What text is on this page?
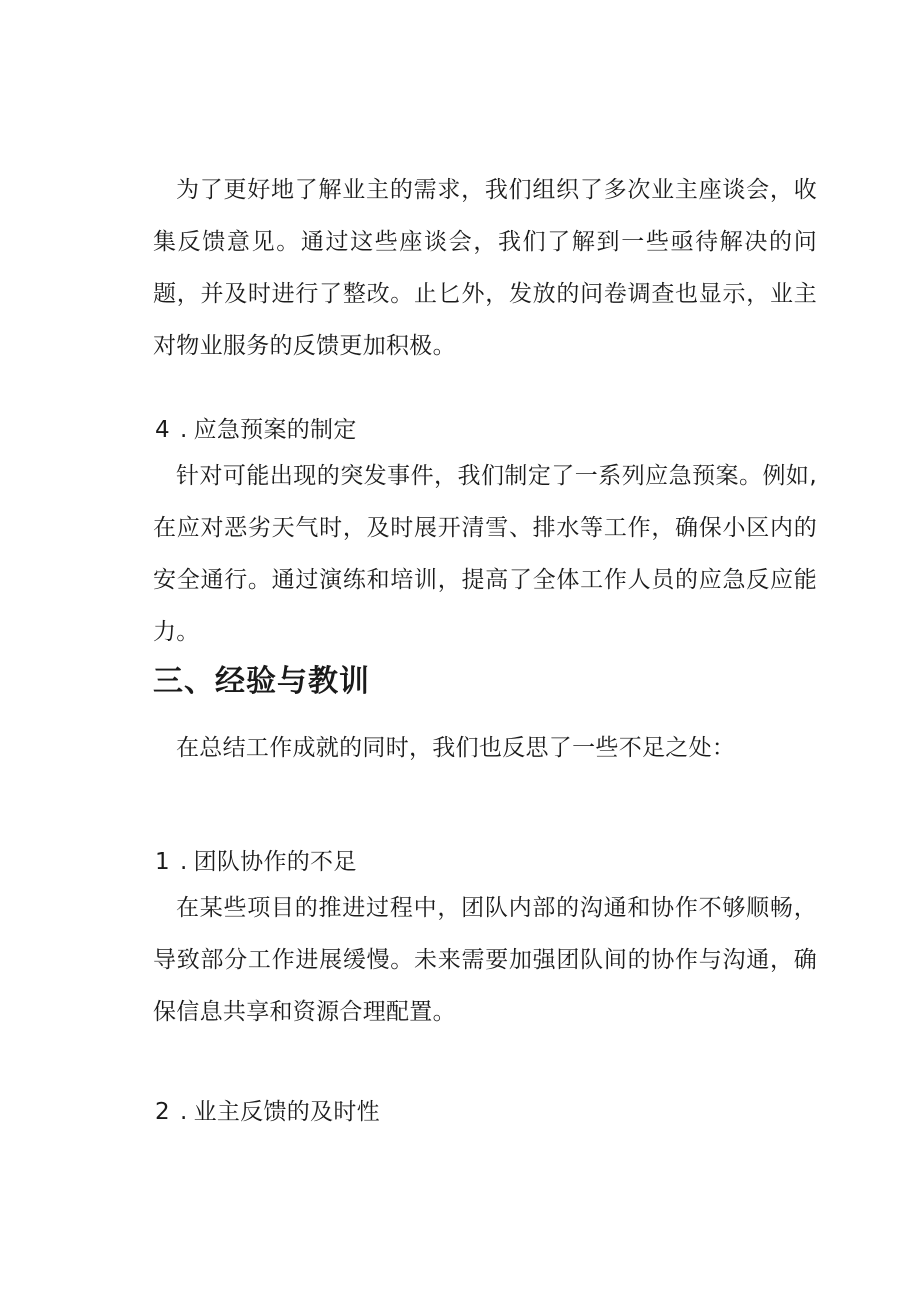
为了更好地了解业主的需求，我们组织了多次业主座谈会，收集反馈意见。通过这些座谈会，我们了解到一些亟待解决的问题，并及时进行了整改。止匕外，发放的问卷调查也显示，业主对物业服务的反馈更加积极。

4 . 应急预案的制定

针对可能出现的突发事件，我们制定了一系列应急预案。例如,在应对恶劣天气时，及时展开清雪、排水等工作，确保小区内的安全通行。通过演练和培训，提高了全体工作人员的应急反应能力。

三、经验与教训

在总结工作成就的同时，我们也反思了一些不足之处：

1 . 团队协作的不足

在某些项目的推进过程中，团队内部的沟通和协作不够顺畅，导致部分工作进展缓慢。未来需要加强团队间的协作与沟通，确保信息共享和资源合理配置。

2 . 业主反馈的及时性
